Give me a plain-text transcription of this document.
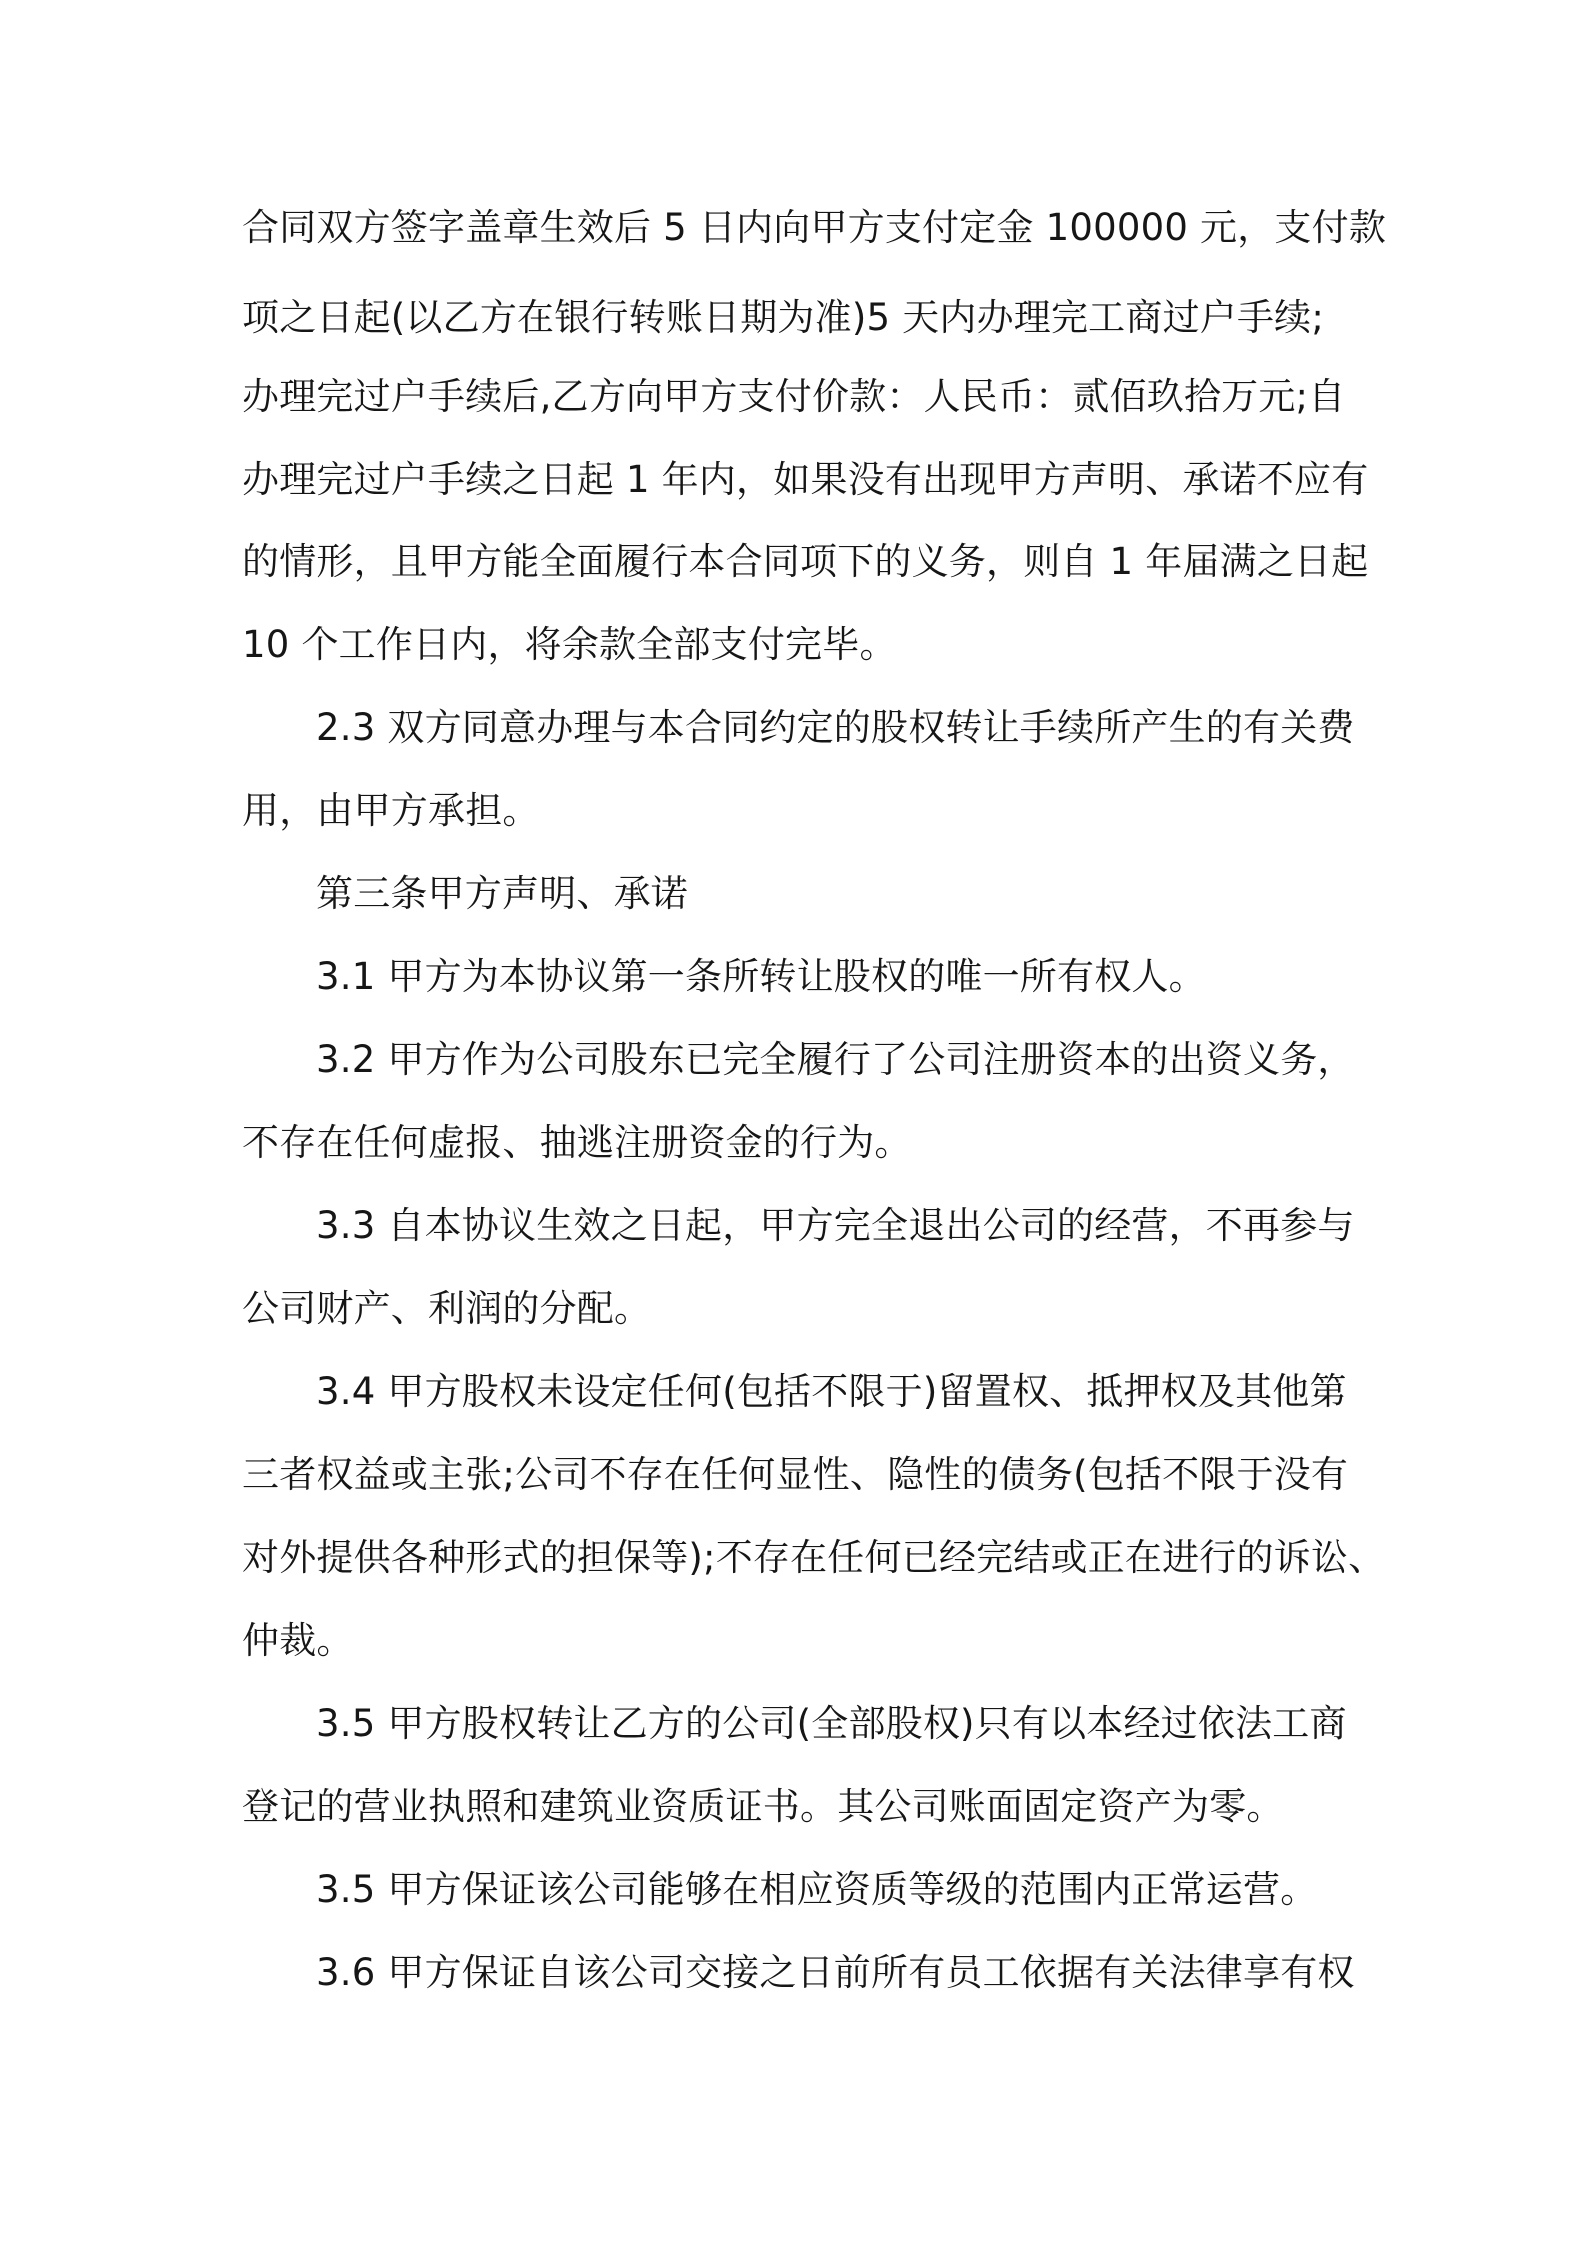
合同双方签字盖章生效后 5 日内向甲方支付定金 100000 元，支付款
项之日起(以乙方在银行转账日期为准)5 天内办理完工商过户手续;
办理完过户手续后,乙方向甲方支付价款：人民币：贰佰玖拾万元;自
办理完过户手续之日起 1 年内，如果没有出现甲方声明、承诺不应有
的情形，且甲方能全面履行本合同项下的义务，则自 1 年届满之日起
10 个工作日内，将余款全部支付完毕。
2.3 双方同意办理与本合同约定的股权转让手续所产生的有关费
用，由甲方承担。
第三条甲方声明、承诺
3.1 甲方为本协议第一条所转让股权的唯一所有权人。
3.2 甲方作为公司股东已完全履行了公司注册资本的出资义务，
不存在任何虚报、抽逃注册资金的行为。
3.3 自本协议生效之日起，甲方完全退出公司的经营，不再参与
公司财产、利润的分配。
3.4 甲方股权未设定任何(包括不限于)留置权、抵押权及其他第
三者权益或主张;公司不存在任何显性、隐性的债务(包括不限于没有
对外提供各种形式的担保等);不存在任何已经完结或正在进行的诉讼、
仲裁。
3.5 甲方股权转让乙方的公司(全部股权)只有以本经过依法工商
登记的营业执照和建筑业资质证书。其公司账面固定资产为零。
3.5 甲方保证该公司能够在相应资质等级的范围内正常运营。
3.6 甲方保证自该公司交接之日前所有员工依据有关法律享有权
